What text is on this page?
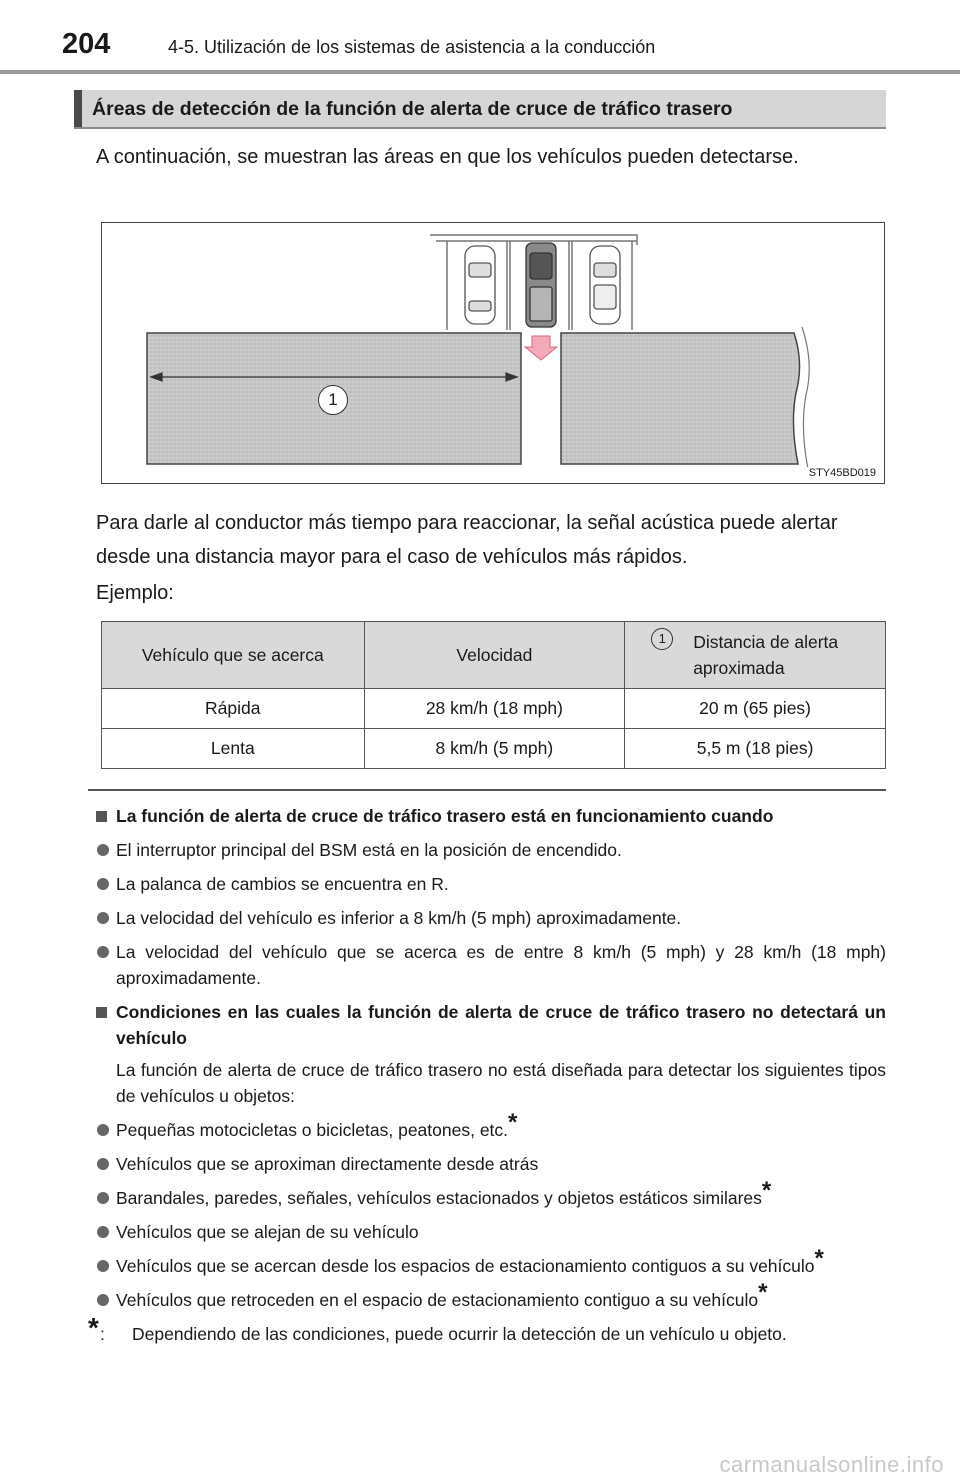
204	4-5. Utilización de los sistemas de asistencia a la conducción
Áreas de detección de la función de alerta de cruce de tráfico trasero

A continuación, se muestran las áreas en que los vehículos pueden detectarse.

1
STY45BD019

Para darle al conductor más tiempo para reaccionar, la señal acústica puede alertar desde una distancia mayor para el caso de vehículos más rápidos.

Ejemplo:

Vehículo que se acerca	Velocidad	1 Distancia de alerta aproximada
Rápida	28 km/h (18 mph)	20 m (65 pies)
Lenta	8 km/h (5 mph)	5,5 m (18 pies)
La función de alerta de cruce de tráfico trasero está en funcionamiento cuando
El interruptor principal del BSM está en la posición de encendido.
La palanca de cambios se encuentra en R.
La velocidad del vehículo es inferior a 8 km/h (5 mph) aproximadamente.
La velocidad del vehículo que se acerca es de entre 8 km/h (5 mph) y 28 km/h (18 mph) aproximadamente.
Condiciones en las cuales la función de alerta de cruce de tráfico trasero no detectará un vehículo

La función de alerta de cruce de tráfico trasero no está diseñada para detectar los siguientes tipos de vehículos u objetos:

Pequeñas motocicletas o bicicletas, peatones, etc.*
Vehículos que se aproximan directamente desde atrás
Barandales, paredes, señales, vehículos estacionados y objetos estáticos similares*
Vehículos que se alejan de su vehículo
Vehículos que se acercan desde los espacios de estacionamiento contiguos a su vehículo*
Vehículos que retroceden en el espacio de estacionamiento contiguo a su vehículo*
* :	Dependiendo de las condiciones, puede ocurrir la detección de un vehículo u objeto.
carmanualsonline.info
